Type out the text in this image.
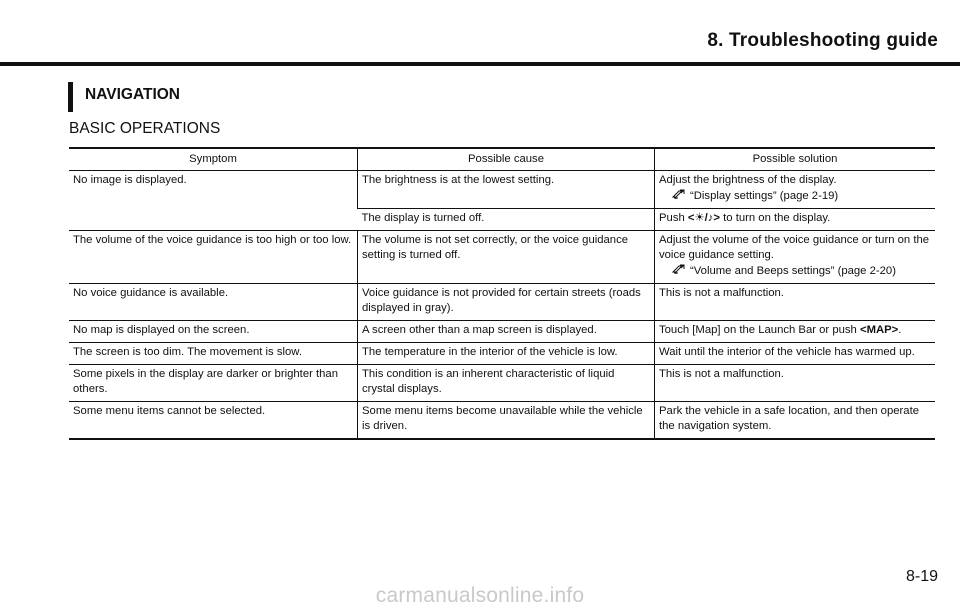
8. Troubleshooting guide
NAVIGATION
BASIC OPERATIONS
Symptom	Possible cause	Possible solution
No image is displayed.	The brightness is at the lowest setting.	Adjust the brightness of the display.
“Display settings” (page 2-19)

	The display is turned off.	Push <☀/♪> to turn on the display.
The volume of the voice guidance is too high or too low.	The volume is not set correctly, or the voice guidance setting is turned off.	Adjust the volume of the voice guidance or turn on the voice guidance setting.
“Volume and Beeps settings” (page 2-20)

No voice guidance is available.	Voice guidance is not provided for certain streets (roads displayed in gray).	This is not a malfunction.
No map is displayed on the screen.	A screen other than a map screen is displayed.	Touch [Map] on the Launch Bar or push <MAP>.
The screen is too dim. The movement is slow.	The temperature in the interior of the vehicle is low.	Wait until the interior of the vehicle has warmed up.
Some pixels in the display are darker or brighter than others.	This condition is an inherent characteristic of liquid crystal displays.	This is not a malfunction.
Some menu items cannot be selected.	Some menu items become unavailable while the vehicle is driven.	Park the vehicle in a safe location, and then operate the navigation system.
8-19
carmanualsonline.info
